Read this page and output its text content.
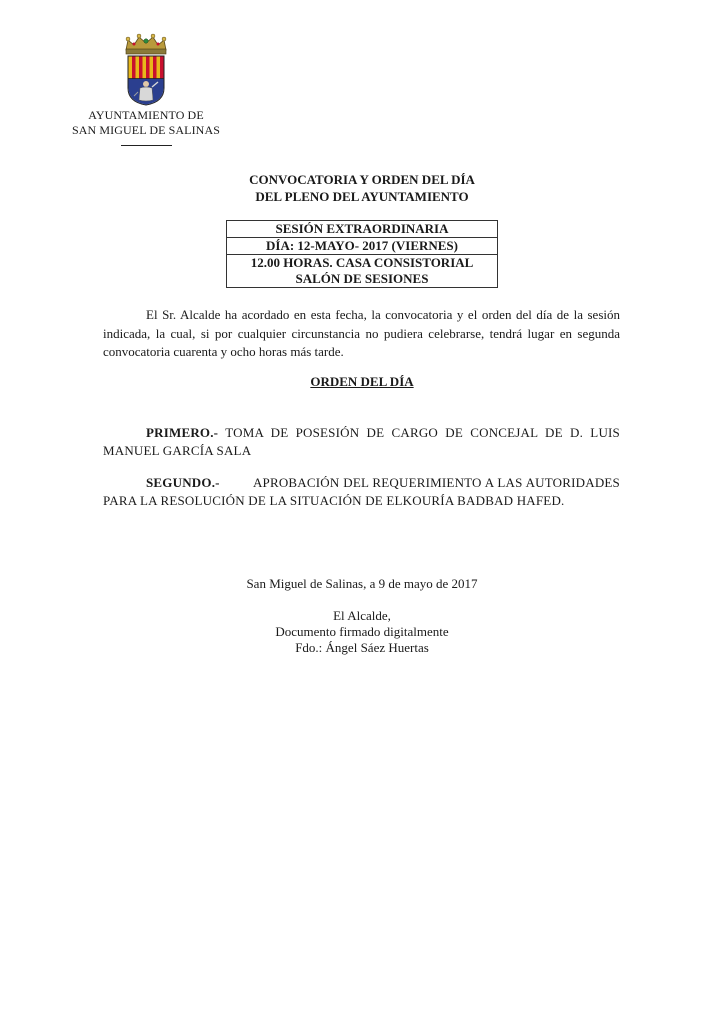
AYUNTAMIENTO DE
SAN MIGUEL DE SALINAS
CONVOCATORIA Y ORDEN DEL DÍA
DEL PLENO DEL AYUNTAMIENTO
SESIÓN EXTRAORDINARIA
DÍA: 12-MAYO- 2017 (VIERNES)

12.00 HORAS. CASA CONSISTORIAL
SALÓN DE SESIONES

El Sr. Alcalde ha acordado en esta fecha, la convocatoria y el orden del día de la sesión indicada, la cual, si por cualquier circunstancia no pudiera celebrarse, tendrá lugar en segunda convocatoria cuarenta y ocho horas más tarde.

ORDEN DEL DÍA

PRIMERO.- TOMA DE POSESIÓN DE CARGO DE CONCEJAL DE D. LUIS MANUEL GARCÍA SALA

SEGUNDO.-	APROBACIÓN DEL REQUERIMIENTO A LAS AUTORIDADES PARA LA RESOLUCIÓN DE LA SITUACIÓN DE ELKOURÍA BADBAD HAFED.

San Miguel de Salinas, a 9 de mayo de 2017
El Alcalde,
Documento firmado digitalmente
Fdo.: Ángel Sáez Huertas
